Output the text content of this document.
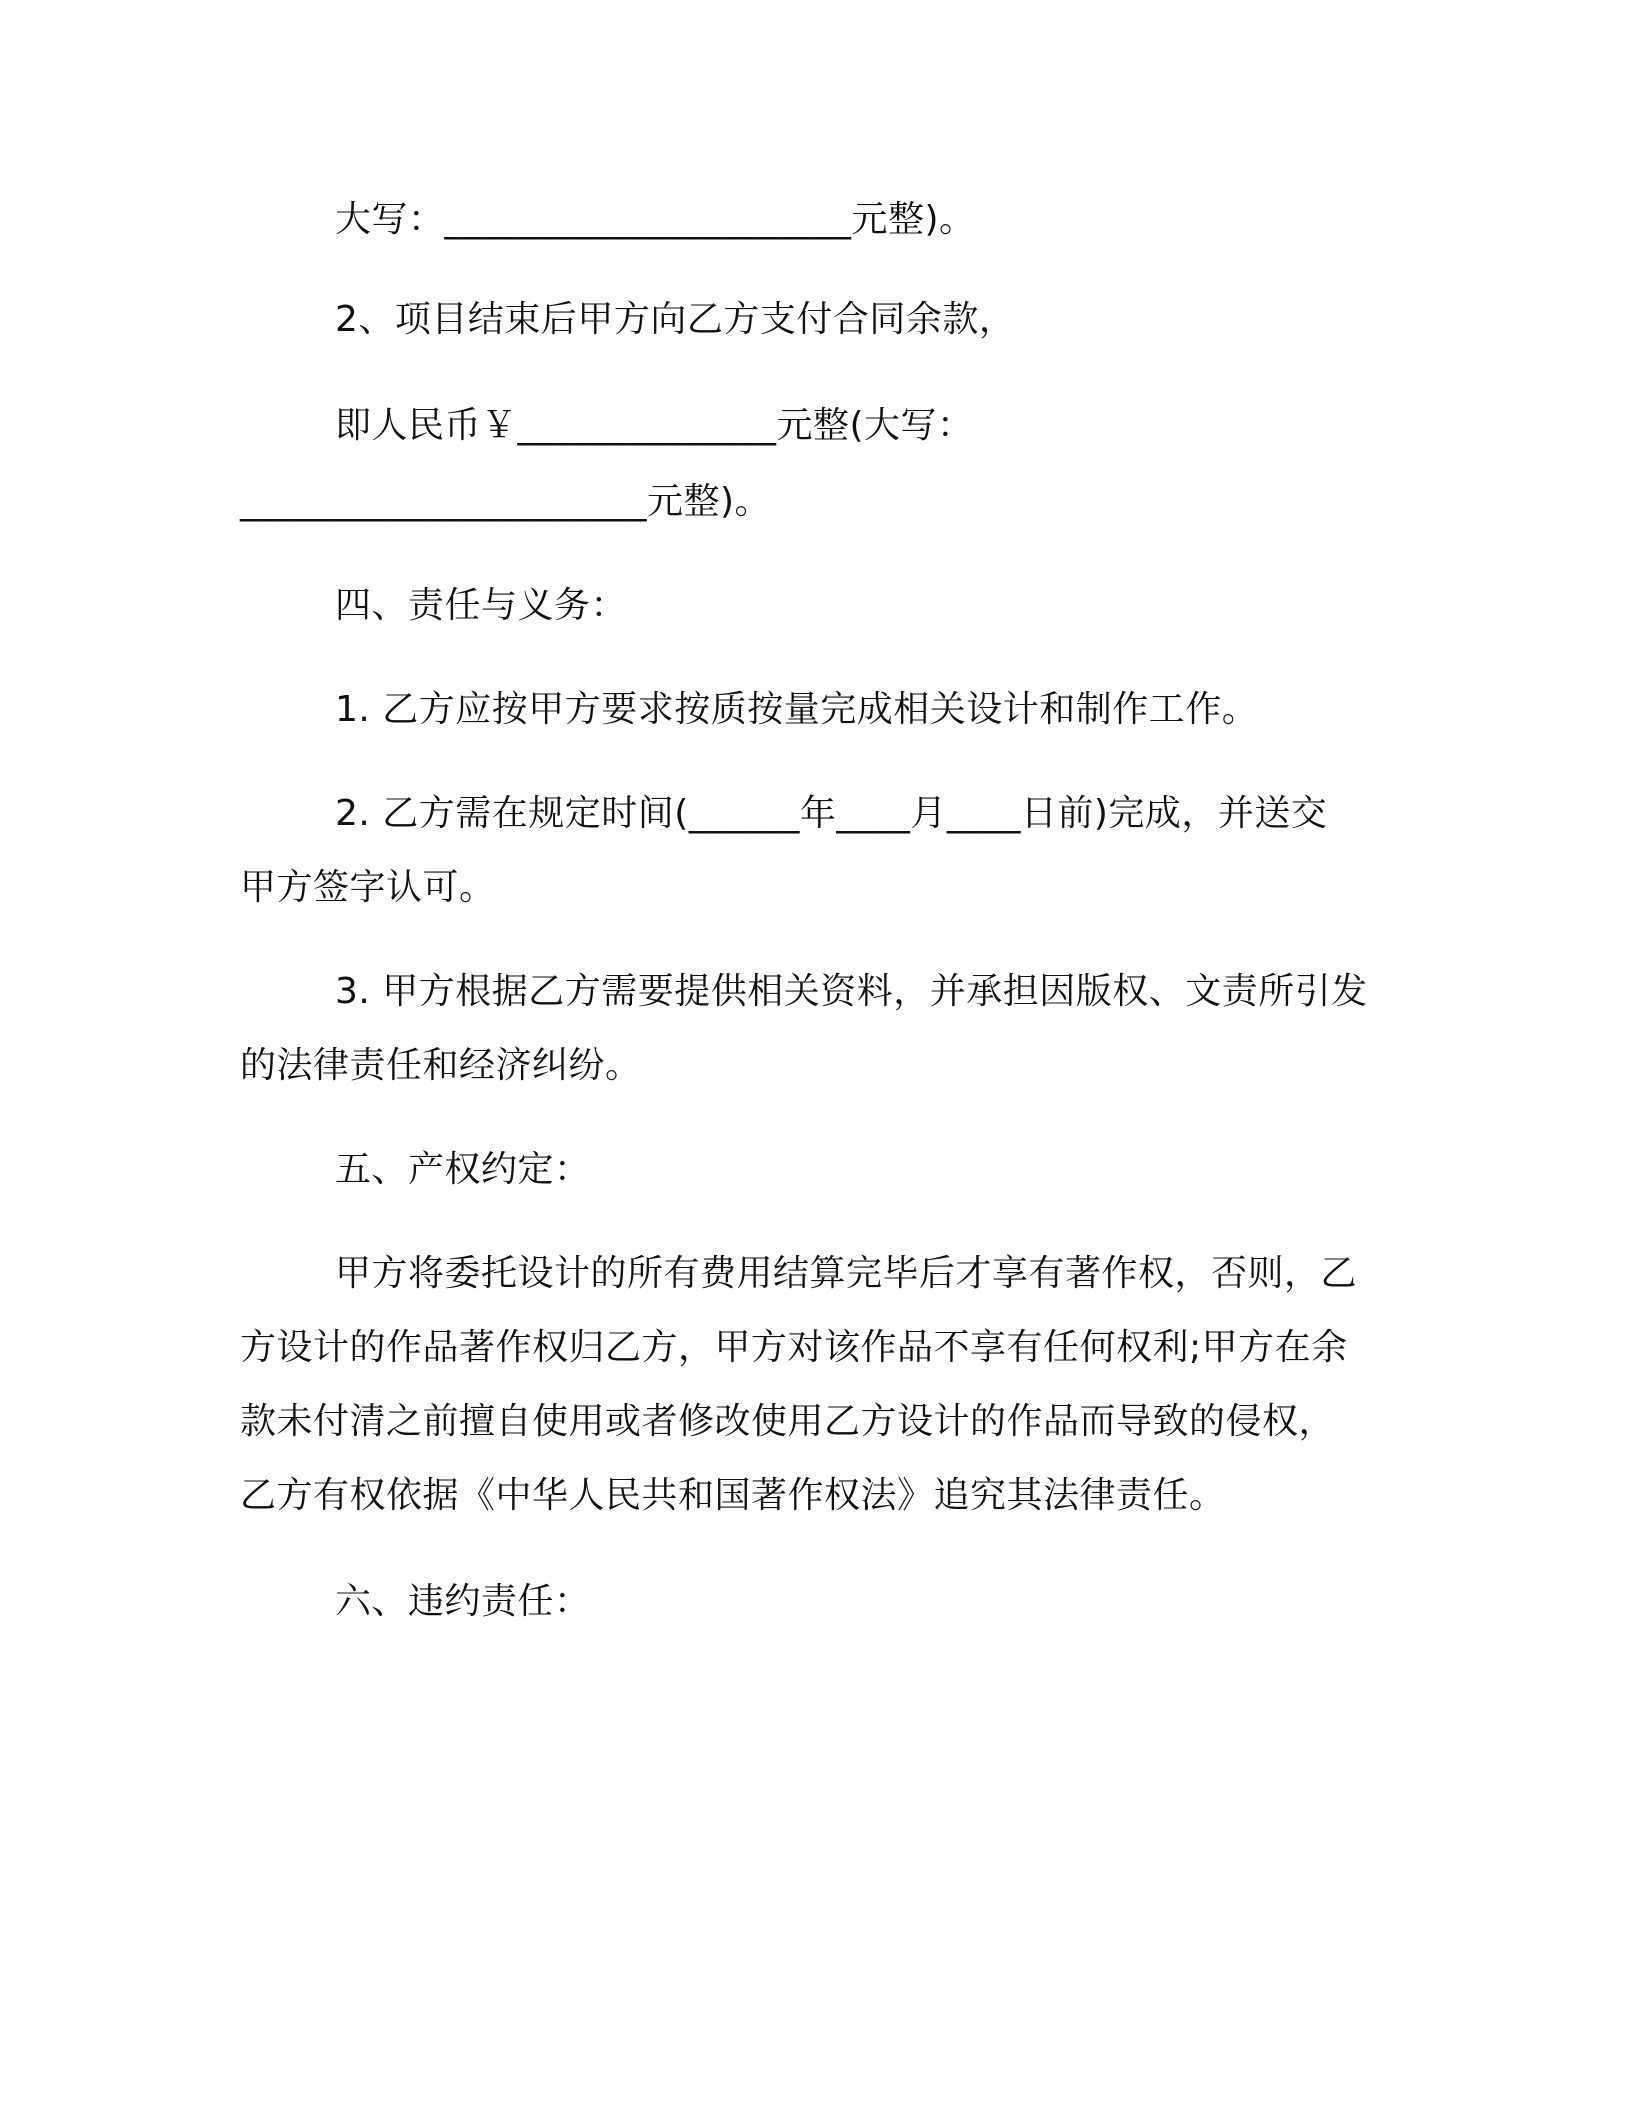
大写：______________________元整)。
2、项目结束后甲方向乙方支付合同余款，
即人民币￥______________元整(大写：
______________________元整)。
四、责任与义务：
1. 乙方应按甲方要求按质按量完成相关设计和制作工作。
2. 乙方需在规定时间(______年____月____日前)完成，并送交
甲方签字认可。
3. 甲方根据乙方需要提供相关资料，并承担因版权、文责所引发
的法律责任和经济纠纷。
五、产权约定：
甲方将委托设计的所有费用结算完毕后才享有著作权，否则，乙
方设计的作品著作权归乙方，甲方对该作品不享有任何权利;甲方在余
款未付清之前擅自使用或者修改使用乙方设计的作品而导致的侵权，
乙方有权依据《中华人民共和国著作权法》追究其法律责任。
六、违约责任：
